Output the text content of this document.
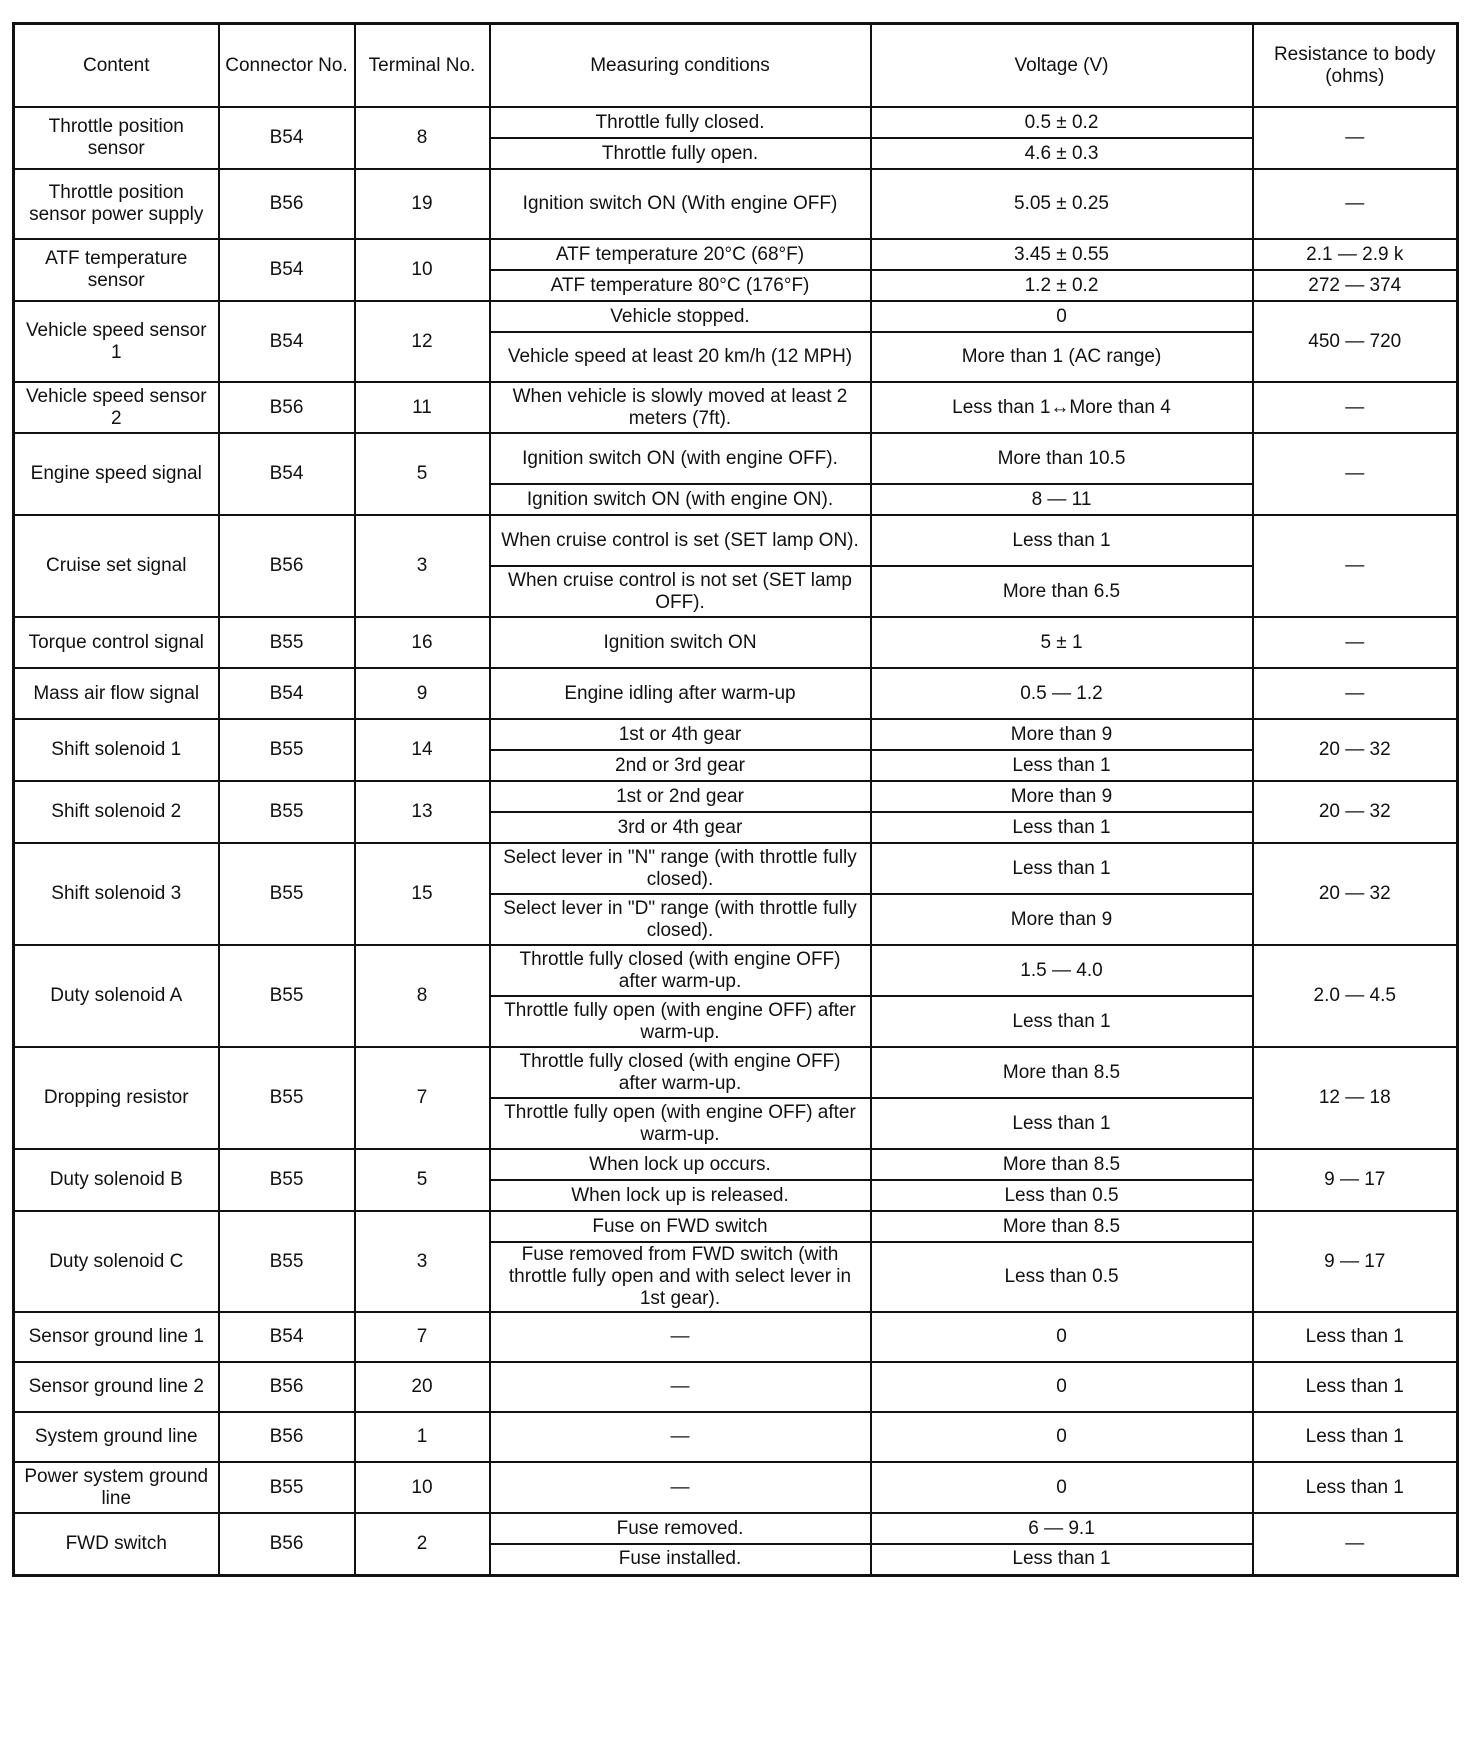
Content	Connector No.	Terminal No.	Measuring conditions	Voltage (V)	Resistance to body (ohms)
Throttle position sensor	B54	8	Throttle fully closed.	0.5 ± 0.2	—
			Throttle fully open.	4.6 ± 0.3	
Throttle position sensor power supply	B56	19	Ignition switch ON (With engine OFF)	5.05 ± 0.25	—
ATF temperature sensor	B54	10	ATF temperature 20°C (68°F)	3.45 ± 0.55	2.1 — 2.9 k
			ATF temperature 80°C (176°F)	1.2 ± 0.2	272 — 374
Vehicle speed sensor 1	B54	12	Vehicle stopped.	0	450 — 720
			Vehicle speed at least 20 km/h (12 MPH)	More than 1 (AC range)	
Vehicle speed sensor 2	B56	11	When vehicle is slowly moved at least 2 meters (7ft).	Less than 1↔More than 4	—
Engine speed signal	B54	5	Ignition switch ON (with engine OFF).	More than 10.5	—
			Ignition switch ON (with engine ON).	8 — 11	
Cruise set signal	B56	3	When cruise control is set (SET lamp ON).	Less than 1	—
			When cruise control is not set (SET lamp OFF).	More than 6.5	
Torque control signal	B55	16	Ignition switch ON	5 ± 1	—
Mass air flow signal	B54	9	Engine idling after warm-up	0.5 — 1.2	—
Shift solenoid 1	B55	14	1st or 4th gear	More than 9	20 — 32
			2nd or 3rd gear	Less than 1	
Shift solenoid 2	B55	13	1st or 2nd gear	More than 9	20 — 32
			3rd or 4th gear	Less than 1	
Shift solenoid 3	B55	15	Select lever in "N" range (with throttle fully closed).	Less than 1	20 — 32
			Select lever in "D" range (with throttle fully closed).	More than 9	
Duty solenoid A	B55	8	Throttle fully closed (with engine OFF) after warm-up.	1.5 — 4.0	2.0 — 4.5
			Throttle fully open (with engine OFF) after warm-up.	Less than 1	
Dropping resistor	B55	7	Throttle fully closed (with engine OFF) after warm-up.	More than 8.5	12 — 18
			Throttle fully open (with engine OFF) after warm-up.	Less than 1	
Duty solenoid B	B55	5	When lock up occurs.	More than 8.5	9 — 17
			When lock up is released.	Less than 0.5	
Duty solenoid C	B55	3	Fuse on FWD switch	More than 8.5	9 — 17
			Fuse removed from FWD switch (with throttle fully open and with select lever in 1st gear).	Less than 0.5	
Sensor ground line 1	B54	7	—	0	Less than 1
Sensor ground line 2	B56	20	—	0	Less than 1
System ground line	B56	1	—	0	Less than 1
Power system ground line	B55	10	—	0	Less than 1
FWD switch	B56	2	Fuse removed.	6 — 9.1	—
			Fuse installed.	Less than 1	
